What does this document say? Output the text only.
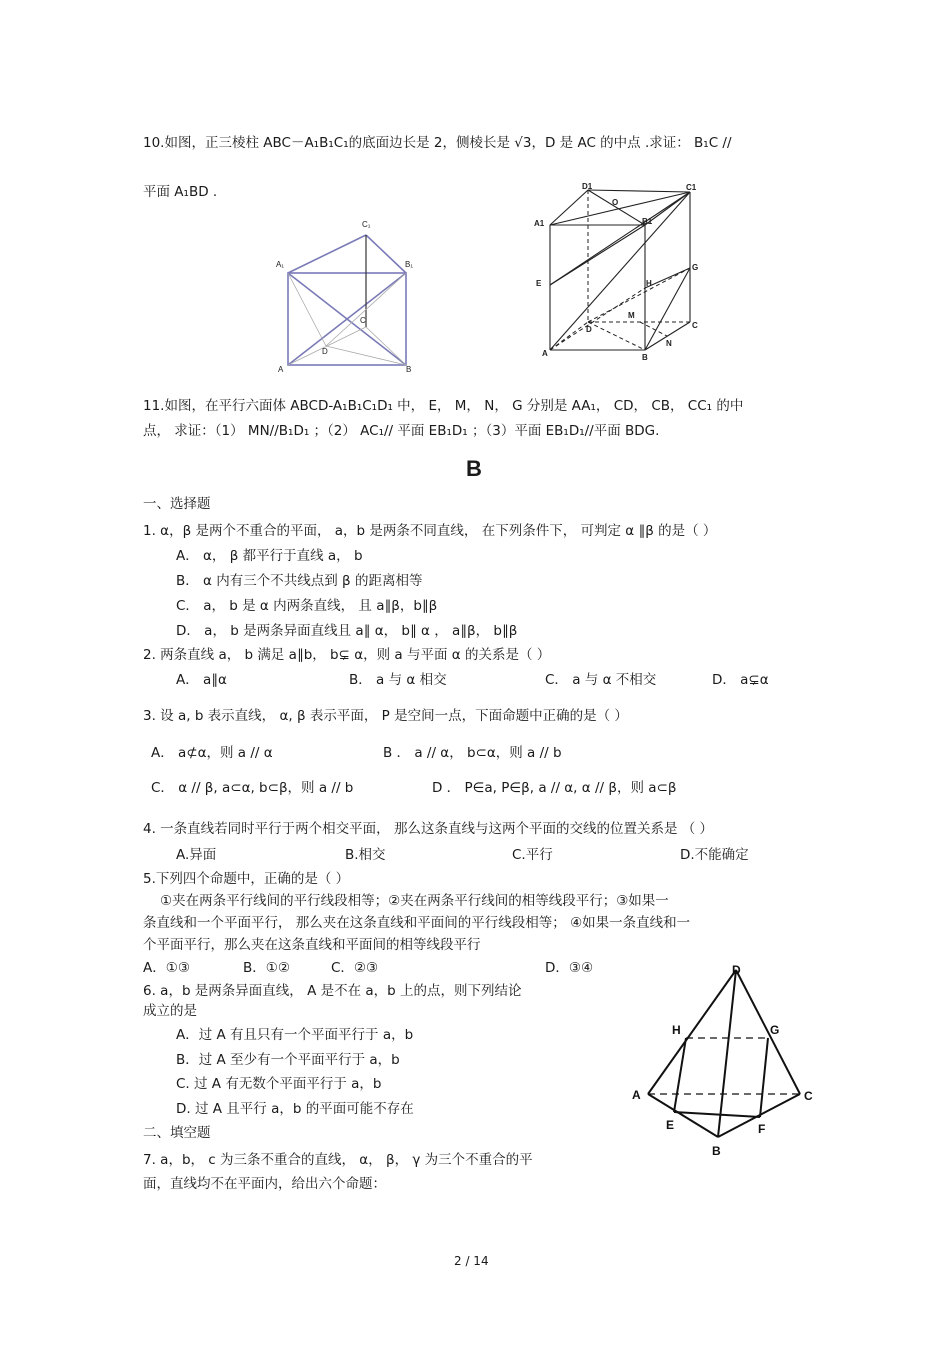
10.如图，正三棱柱 ABC－A₁B₁C₁的底面边长是 2，侧棱长是 √3，D 是 AC 的中点 .求证： B₁C //
平面 A₁BD .
A₁	B₁
C₁
A	B
C
D
D1	C1
A1	B1
O
E	H
G
D
M
C
A	B
N
11.如图，在平行六面体 ABCD-A₁B₁C₁D₁ 中， E， M， N， G 分别是 AA₁， CD， CB， CC₁ 的中
点， 求证：（1） MN//B₁D₁ ；（2） AC₁// 平面 EB₁D₁ ；（3）平面 EB₁D₁//平面 BDG.
B
一、选择题
1. α，β 是两个不重合的平面， a，b 是两条不同直线， 在下列条件下， 可判定 α ∥β 的是（ ）
A． α， β 都平行于直线 a， b
B． α 内有三个不共线点到 β 的距离相等
C． a， b 是 α 内两条直线， 且 a∥β，b∥β
D． a， b 是两条异面直线且 a∥ α， b∥ α ， a∥β， b∥β
2. 两条直线 a， b 满足 a∥b， b⊊ α，则 a 与平面 α 的关系是（ ）
A． a∥α	B． a 与 α 相交	C． a 与 α 不相交	D． a⊊α
3. 设 a, b 表示直线， α, β 表示平面， P 是空间一点，下面命题中正确的是（ ）
A． a⊄α，则 a // α	B ． a // α， b⊂α，则 a // b
C． α // β, a⊂α, b⊂β，则 a // b	D ． P∈a, P∈β, a // α, α // β，则 a⊂β
4. 一条直线若同时平行于两个相交平面， 那么这条直线与这两个平面的交线的位置关系是 （ ）
A.异面	B.相交	C.平行	D.不能确定
5.下列四个命题中，正确的是（ ）
①夹在两条平行线间的平行线段相等；②夹在两条平行线间的相等线段平行；③如果一
条直线和一个平面平行， 那么夹在这条直线和平面间的平行线段相等； ④如果一条直线和一
个平面平行，那么夹在这条直线和平面间的相等线段平行
A．①③	B．①②	C．②③	D．③④
6. a，b 是两条异面直线， A 是不在 a，b 上的点，则下列结论
成立的是
A．过 A 有且只有一个平面平行于 a，b
B．过 A 至少有一个平面平行于 a，b
C. 过 A 有无数个平面平行于 a，b
D. 过 A 且平行 a，b 的平面可能不存在
二、填空题
7. a，b， c 为三条不重合的直线， α， β， γ 为三个不重合的平
面，直线均不在平面内，给出六个命题：
D
H	G
A	C
E	F
B
2 / 14
